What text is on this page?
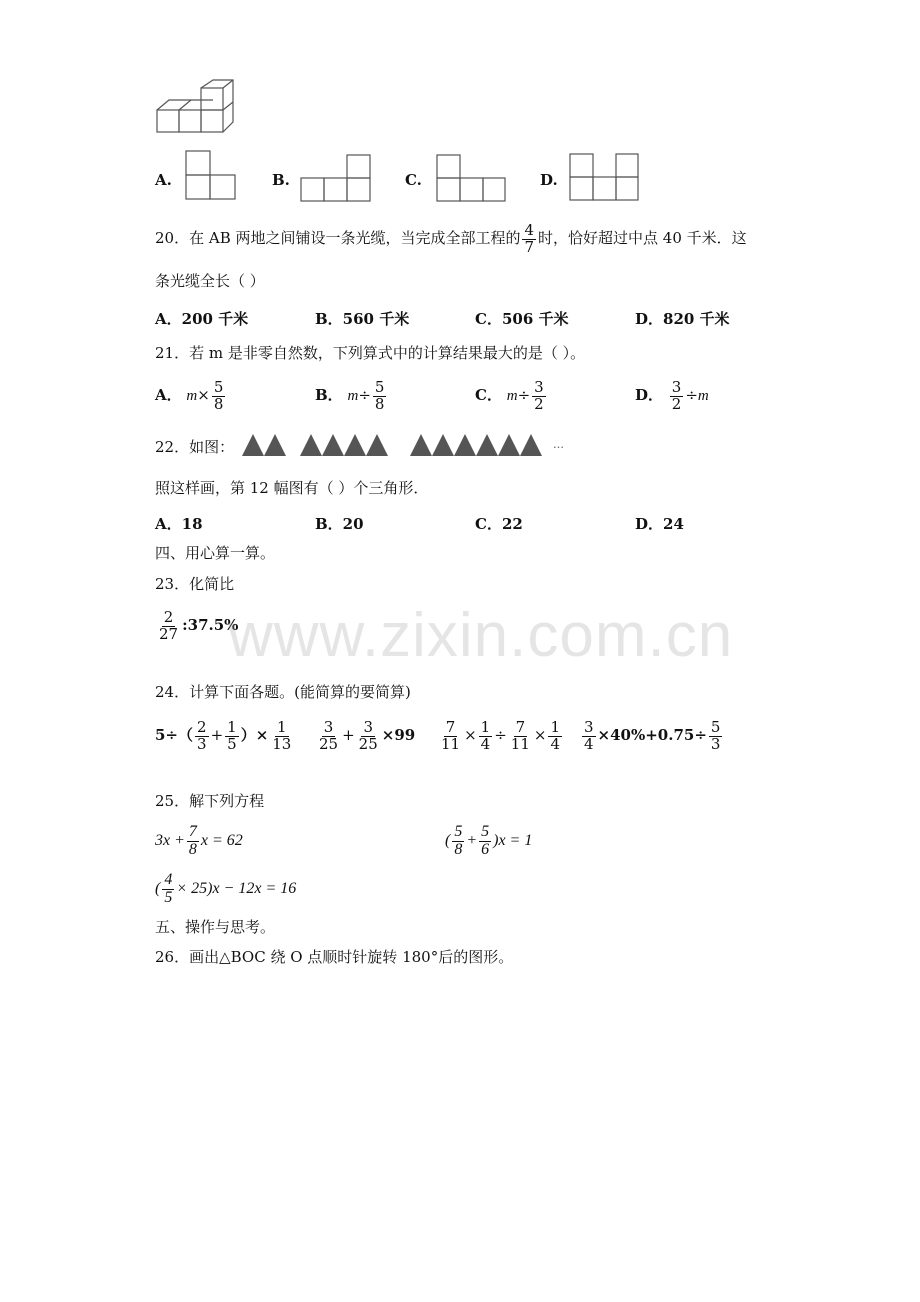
A.	B.	C.	D.
20．在 AB 两地之间铺设一条光缆，当完成全部工程的 $\frac{4}{7}$ 时，恰好超过中点 40 千米．这
条光缆全长（ ）
A．200 千米	B．560 千米	C．506 千米	D．820 千米
21．若 m 是非零自然数，下列算式中的计算结果最大的是（ ）。
A． $m\times \frac{5}{8}$	B． $m\div \frac{5}{8}$	C． $m\div \frac{3}{2}$	D． $\frac{3}{2} \div m$
22．如图：	…
照这样画，第 12 幅图有（ ）个三角形．
A．18	B．20	C．22	D．24
四、用心算一算。
23．化简比
$\frac{2}{27}$ :37.5%
www.zixin.com.cn
24．计算下面各题。(能简算的要简算)
$5\div( \frac{2}{3} + \frac{1}{5}$ ）× $\frac{1}{13} \frac{3}{25} + \frac{3}{25} \times 99 \frac{7}{11} \times \frac{1}{4} \div \frac{7}{11} \times \frac{1}{4} \frac{3}{4} \times 40\%+0.75\div \frac{5}{3}$
25．解下列方程
$3x + \frac{7}{8}$ x = 62	( $\frac{5}{8} + \frac{5}{6} )x = 1$
( $\frac{4}{5} \times 25)x - 12x = 16$
五、操作与思考。
26．画出△BOC 绕 O 点顺时针旋转 180°后的图形。
